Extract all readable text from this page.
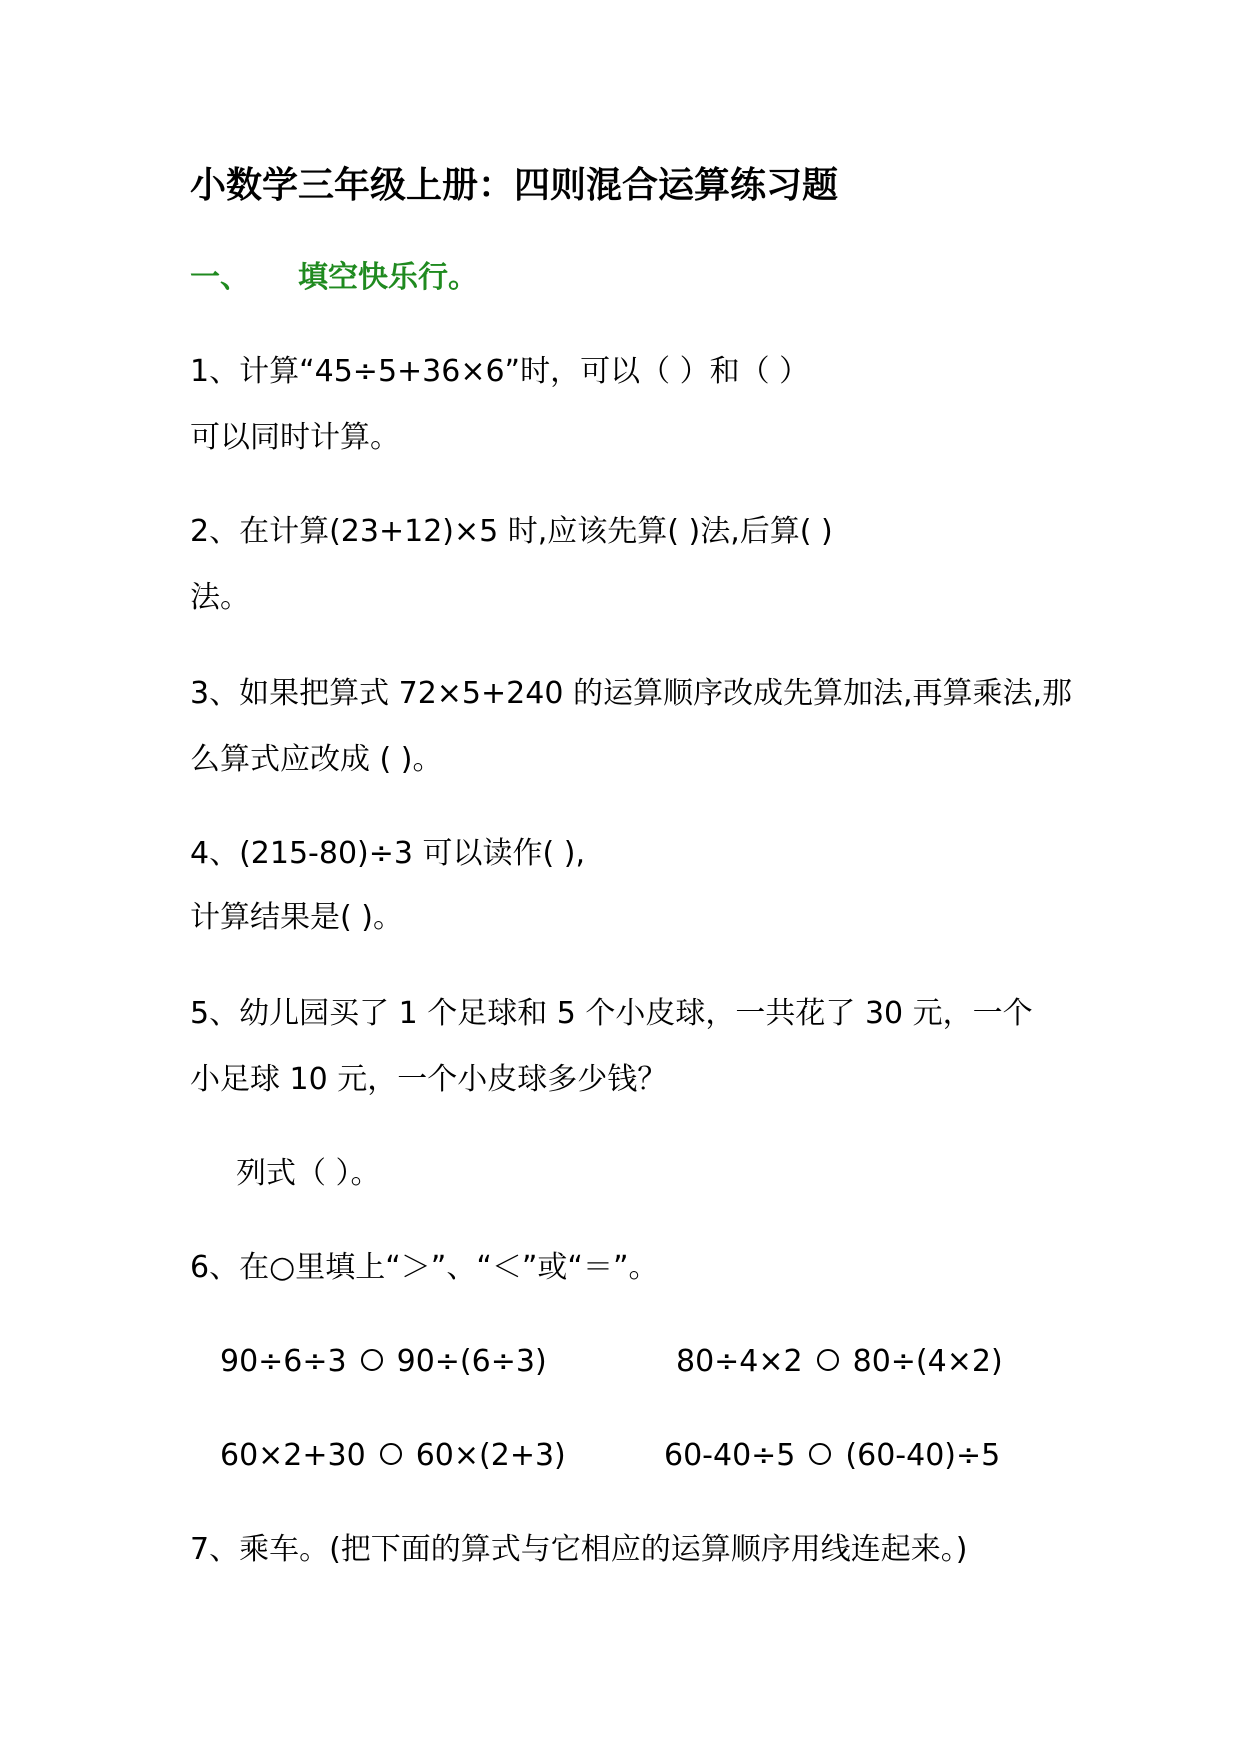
小数学三年级上册：四则混合运算练习题
一、 填空快乐行。
1、计算“45÷5+36×6”时，可以（ ）和（ ）
可以同时计算。
2、在计算(23+12)×5 时,应该先算( )法,后算( )
法。
3、如果把算式 72×5+240 的运算顺序改成先算加法,再算乘法,那
么算式应改成 ( )。
4、(215-80)÷3 可以读作( ),
计算结果是( )。
5、幼儿园买了 1 个足球和 5 个小皮球，一共花了 30 元，一个
小足球 10 元，一个小皮球多少钱？
列式（ ）。
6、在○里填上“＞”、“＜”或“＝”。
90÷6÷3 90÷(6÷3)	80÷4×2 80÷(4×2)
60×2+30 60×(2+3)	60-40÷5 (60-40)÷5
7、乘车。(把下面的算式与它相应的运算顺序用线连起来。)
